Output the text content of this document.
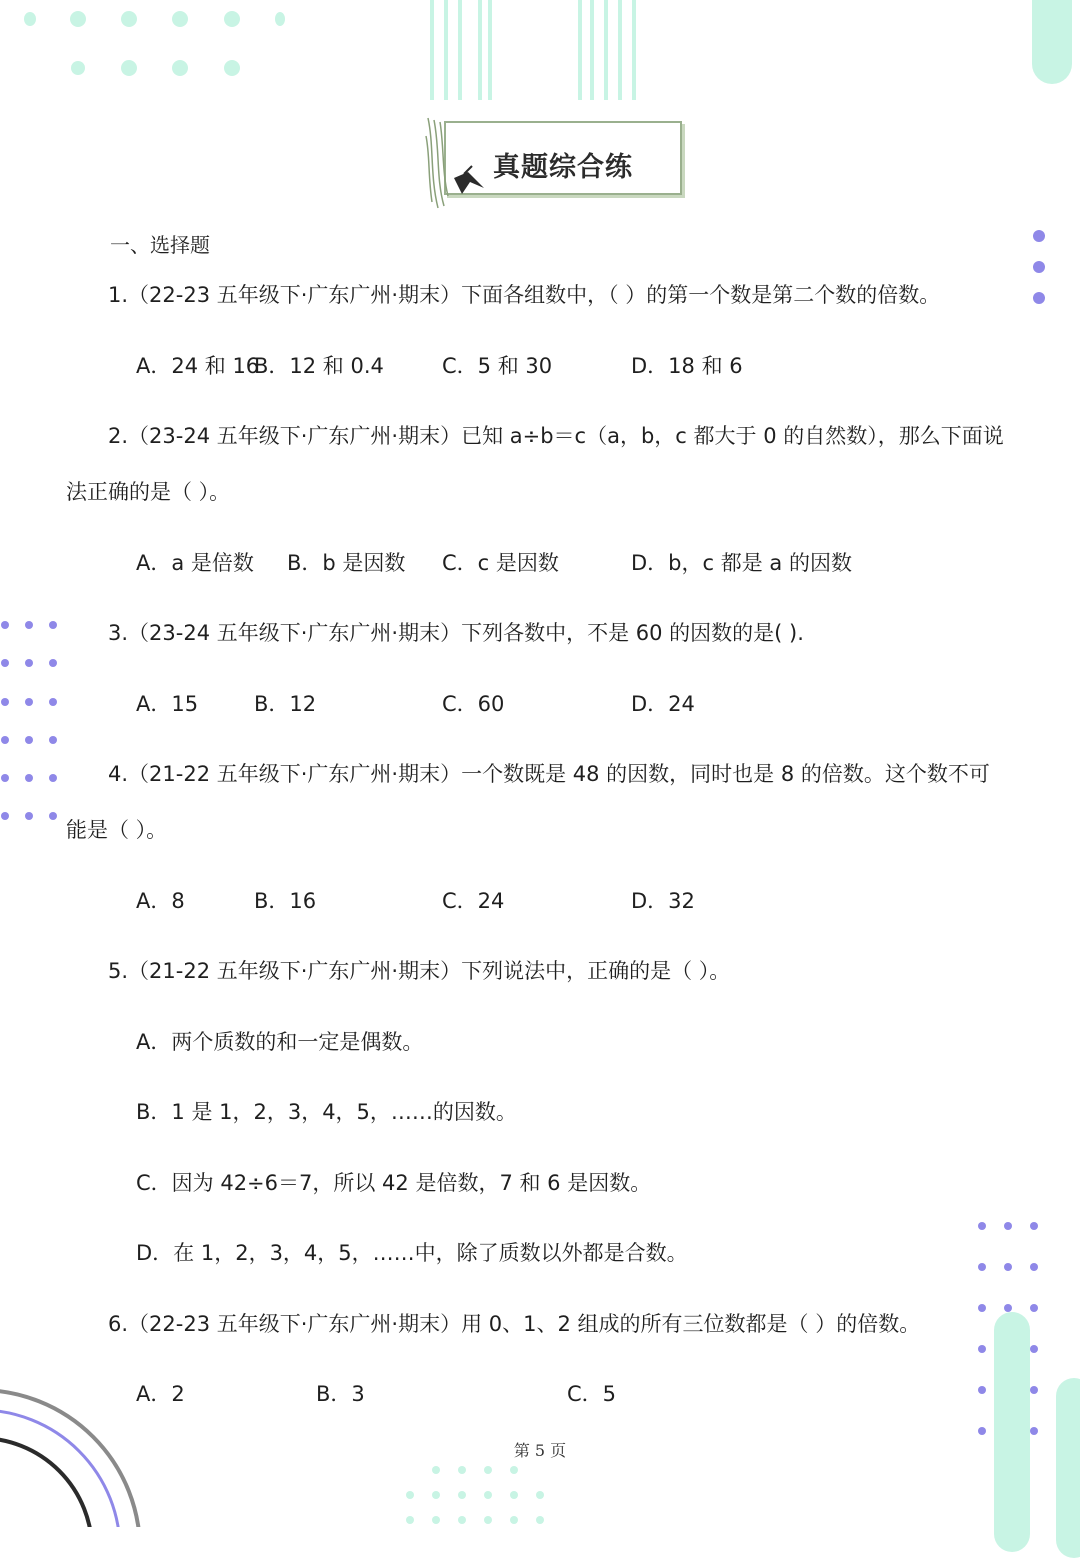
真题综合练
一、选择题
1.（22-23 五年级下·广东广州·期末）下面各组数中，（ ）的第一个数是第二个数的倍数。
A．24 和 16
B．12 和 0.4	C．5 和 30	D．18 和 6
2.（23-24 五年级下·广东广州·期末）已知 a÷b＝c（a，b，c 都大于 0 的自然数），那么下面说
法正确的是（ ）。
A．a 是倍数 B．b 是因数 C．c 是因数	D．b，c 都是 a 的因数
3.（23-24 五年级下·广东广州·期末）下列各数中，不是 60 的因数的是( ).
A．15	B．12	C．60	D．24
4.（21-22 五年级下·广东广州·期末）一个数既是 48 的因数，同时也是 8 的倍数。这个数不可
能是（ ）。
A．8	B．16	C．24	D．32
5.（21-22 五年级下·广东广州·期末）下列说法中，正确的是（ ）。
A．两个质数的和一定是偶数。
B．1 是 1，2，3，4，5，……的因数。
C．因为 42÷6＝7，所以 42 是倍数，7 和 6 是因数。
D．在 1，2，3，4，5，……中，除了质数以外都是合数。
6.（22-23 五年级下·广东广州·期末）用 0、1、2 组成的所有三位数都是（ ）的倍数。
A．2	B．3	C．5
第 5 页
